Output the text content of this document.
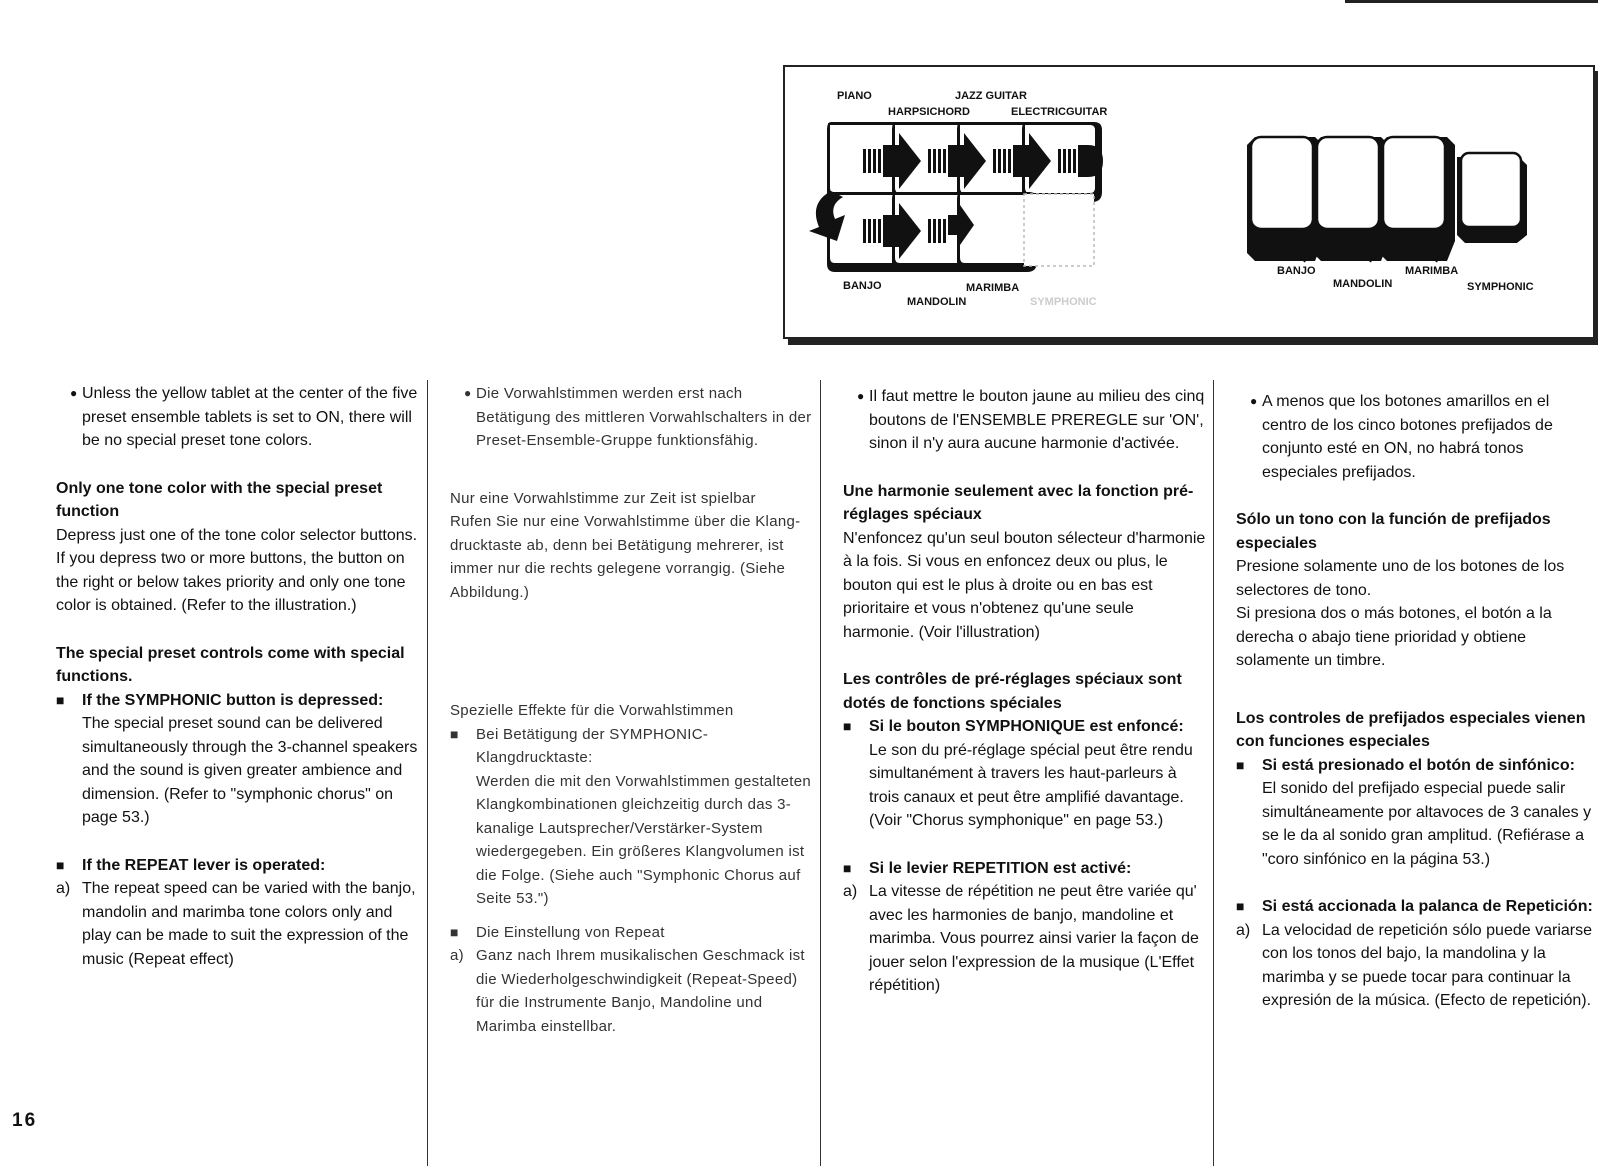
PIANO
HARPSICHORD
JAZZ GUITAR
ELECTRICGUITAR
BANJO
MANDOLIN
MARIMBA
SYMPHONIC
BANJO
MANDOLIN
MARIMBA
SYMPHONIC

● Unless the yellow tablet at the center of the five preset ensemble tablets is set to ON, there will be no special preset tone colors.

Only one tone color with the special preset function

Depress just one of the tone color selector buttons.

If you depress two or more buttons, the button on the right or below takes priority and only one tone color is obtained. (Refer to the illustration.)

The special preset controls come with special functions.

■ If the SYMPHONIC button is depressed:

The special preset sound can be delivered simultaneously through the 3-channel speakers and the sound is given greater ambience and dimension. (Refer to "symphonic chorus" on page 53.)

■ If the REPEAT lever is operated:

a) The repeat speed can be varied with the banjo, mandolin and marimba tone colors only and play can be made to suit the expression of the music (Repeat effect)

● Die Vorwahlstimmen werden erst nach Betätigung des mittleren Vorwahlschalters in der Preset-Ensemble-Gruppe funktionsfähig.

Nur eine Vorwahlstimme zur Zeit ist spielbar

Rufen Sie nur eine Vorwahlstimme über die Klang-drucktaste ab, denn bei Betätigung mehrerer, ist immer nur die rechts gelegene vorrangig. (Siehe Abbildung.)

Spezielle Effekte für die Vorwahlstimmen

■ Bei Betätigung der SYMPHONIC-Klangdrucktaste:

Werden die mit den Vorwahlstimmen gestalteten Klangkombinationen gleichzeitig durch das 3-kanalige Lautsprecher/Verstärker-System wiedergegeben. Ein größeres Klangvolumen ist die Folge. (Siehe auch "Symphonic Chorus auf Seite 53.")

■ Die Einstellung von Repeat

a) Ganz nach Ihrem musikalischen Geschmack ist die Wiederholgeschwindigkeit (Repeat-Speed) für die Instrumente Banjo, Mandoline und Marimba einstellbar.

● Il faut mettre le bouton jaune au milieu des cinq boutons de l'ENSEMBLE PREREGLE sur 'ON', sinon il n'y aura aucune harmonie d'activée.

Une harmonie seulement avec la fonction pré-réglages spéciaux

N'enfoncez qu'un seul bouton sélecteur d'harmonie à la fois. Si vous en enfoncez deux ou plus, le bouton qui est le plus à droite ou en bas est prioritaire et vous n'obtenez qu'une seule harmonie. (Voir l'illustration)

Les contrôles de pré-réglages spéciaux sont dotés de fonctions spéciales

■ Si le bouton SYMPHONIQUE est enfoncé:

Le son du pré-réglage spécial peut être rendu simultanément à travers les haut-parleurs à trois canaux et peut être amplifié davantage.

(Voir "Chorus symphonique" en page 53.)

■ Si le levier REPETITION est activé:

a) La vitesse de répétition ne peut être variée qu' avec les harmonies de banjo, mandoline et marimba. Vous pourrez ainsi varier la façon de jouer selon l'expression de la musique (L'Effet répétition)

● A menos que los botones amarillos en el centro de los cinco botones prefijados de conjunto esté en ON, no habrá tonos especiales prefijados.

Sólo un tono con la función de prefijados especiales

Presione solamente uno de los botones de los selectores de tono.

Si presiona dos o más botones, el botón a la derecha o abajo tiene prioridad y obtiene solamente un timbre.

Los controles de prefijados especiales vienen con funciones especiales

■ Si está presionado el botón de sinfónico:

El sonido del prefijado especial puede salir simultáneamente por altavoces de 3 canales y se le da al sonido gran amplitud. (Refiérase a "coro sinfónico en la página 53.)

■ Si está accionada la palanca de Repetición:

a) La velocidad de repetición sólo puede variarse con los tonos del bajo, la mandolina y la marimba y se puede tocar para continuar la expresión de la música. (Efecto de repetición).

16
